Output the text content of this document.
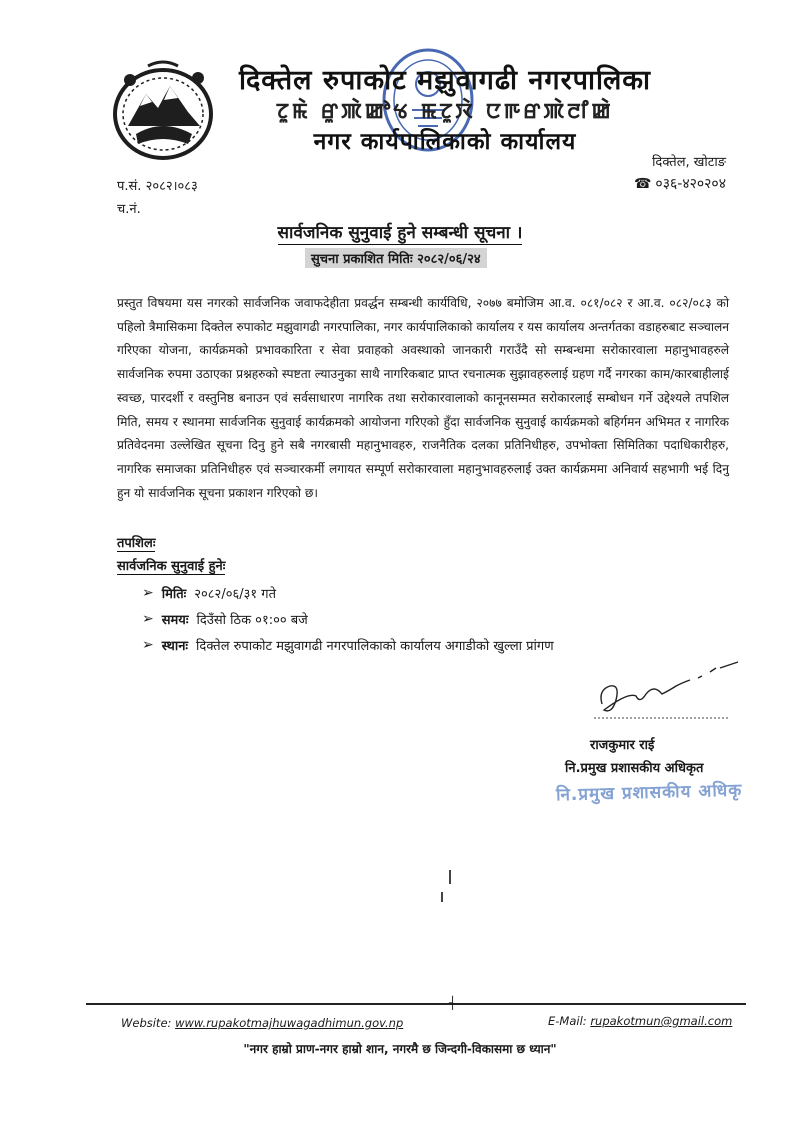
दिक्तेल रुपाकोट मझुवागढी नगरपालिका
ꯖꯨꯃꯥ ꯔꯨꯄꯥꯀꯣꯠ ꯃꯖꯨꯋꯥ ꯅꯒꯔꯄꯥꯂꯤꯀꯥ
नगर कार्यपालिकाको कार्यालय
दिक्तेल, खोटाङ
☎ ०३६-४२०२०४
प.सं. २०८२।०८३
च.नं.
सार्वजनिक सुनुवाई हुने सम्बन्धी सूचना ।
सुचना प्रकाशित मितिः २०८२/०६/२४
प्रस्तुत विषयमा यस नगरको सार्वजनिक जवाफदेहीता प्रवर्द्धन सम्बन्धी कार्यविधि, २०७७ बमोजिम आ.व. ०८१/०८२ र आ.व. ०८२/०८३ को पहिलो त्रैमासिकमा दिक्तेल रुपाकोट मझुवागढी नगरपालिका, नगर कार्यपालिकाको कार्यालय र यस कार्यालय अन्तर्गतका वडाहरुबाट सञ्चालन गरिएका योजना, कार्यक्रमको प्रभावकारिता र सेवा प्रवाहको अवस्थाको जानकारी गराउँदै सो सम्बन्धमा सरोकारवाला महानुभावहरुले सार्वजनिक रुपमा उठाएका प्रश्नहरुको स्पष्टता ल्याउनुका साथै नागरिकबाट प्राप्त रचनात्मक सुझावहरुलाई ग्रहण गर्दै नगरका काम/कारबाहीलाई स्वच्छ, पारदर्शी र वस्तुनिष्ठ बनाउन एवं सर्वसाधारण नागरिक तथा सरोकारवालाको कानूनसम्मत सरोकारलाई सम्बोधन गर्ने उद्देश्यले तपशिल मिति, समय र स्थानमा सार्वजनिक सुनुवाई कार्यक्रमको आयोजना गरिएको हुँदा सार्वजनिक सुनुवाई कार्यक्रमको बहिर्गमन अभिमत र नागरिक प्रतिवेदनमा उल्लेखित सूचना दिनु हुने सबै नगरबासी महानुभावहरु, राजनैतिक दलका प्रतिनिधीहरु, उपभोक्ता सिमितिका पदाधिकारीहरु, नागरिक समाजका प्रतिनिधीहरु एवं सञ्चारकर्मी लगायत सम्पूर्ण सरोकारवाला महानुभावहरुलाई उक्त कार्यक्रममा अनिवार्य सहभागी भई दिनु हुन यो सार्वजनिक सूचना प्रकाशन गरिएको छ।
तपशिलः
सार्वजनिक सुनुवाई हुनेः
➢ मितिः २०८२/०६/३१ गते
➢ समयः दिउँसो ठिक ०१:०० बजे
➢ स्थानः दिक्तेल रुपाकोट मझुवागढी नगरपालिकाको कार्यालय अगाडीको खुल्ला प्रांगण
राजकुमार राई
नि.प्रमुख प्रशासकीय अधिकृत
नि.प्रमुख प्रशासकीय अधिकृ
┤
Website: www.rupakotmajhuwagadhimun.gov.np	E-Mail: rupakotmun@gmail.com
"नगर हाम्रो प्राण-नगर हाम्रो शान, नगरमै छ जिन्दगी-विकासमा छ ध्यान"
